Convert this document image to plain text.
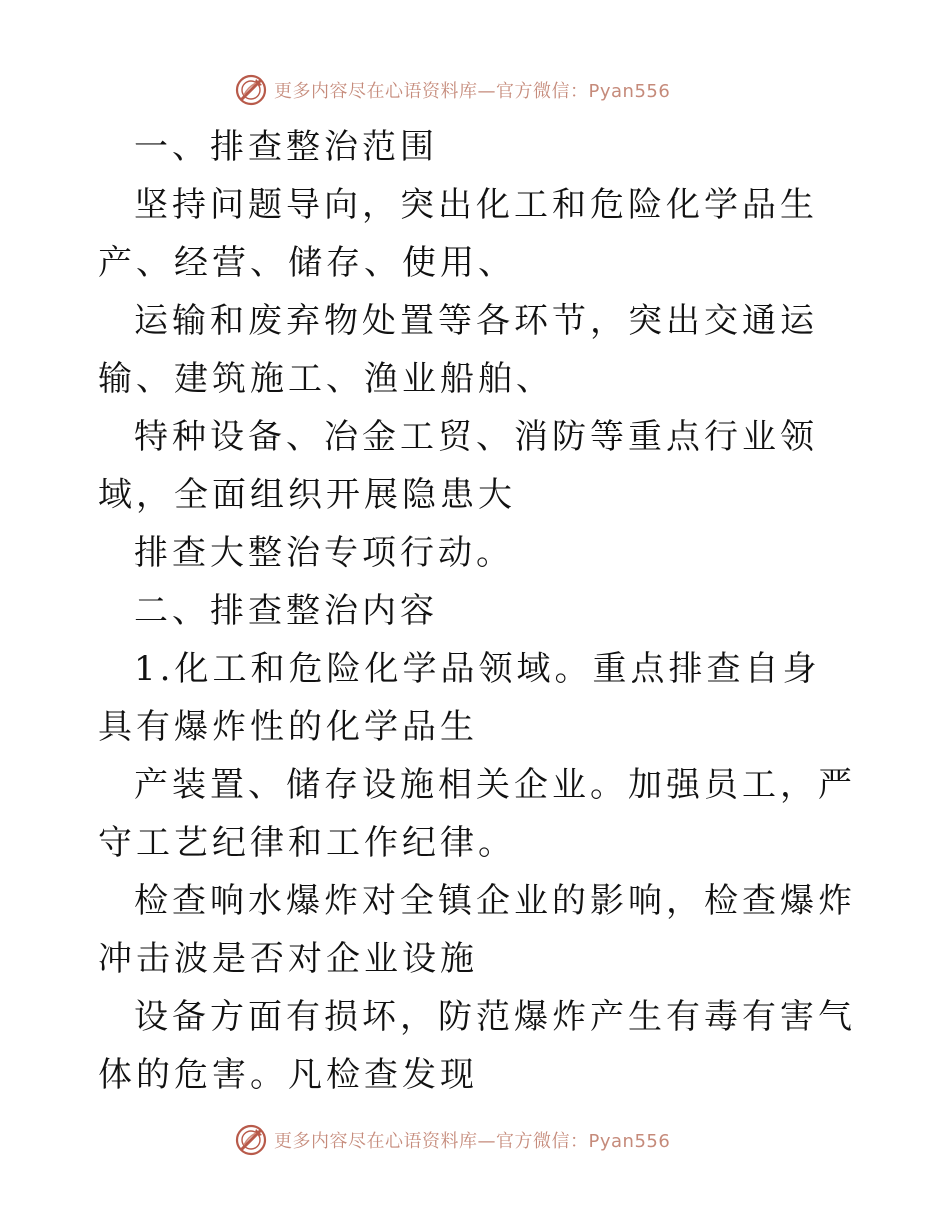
更多内容尽在心语资料库—官方微信：Pyan556

一、排查整治范围

坚持问题导向，突出化工和危险化学品生产、经营、储存、使用、

运输和废弃物处置等各环节，突出交通运输、建筑施工、渔业船舶、

特种设备、冶金工贸、消防等重点行业领域，全面组织开展隐患大

排查大整治专项行动。

二、排查整治内容

1.化工和危险化学品领域。重点排查自身具有爆炸性的化学品生

产装置、储存设施相关企业。加强员工，严守工艺纪律和工作纪律。

检查响水爆炸对全镇企业的影响，检查爆炸冲击波是否对企业设施

设备方面有损坏，防范爆炸产生有毒有害气体的危害。凡检查发现

更多内容尽在心语资料库—官方微信：Pyan556
